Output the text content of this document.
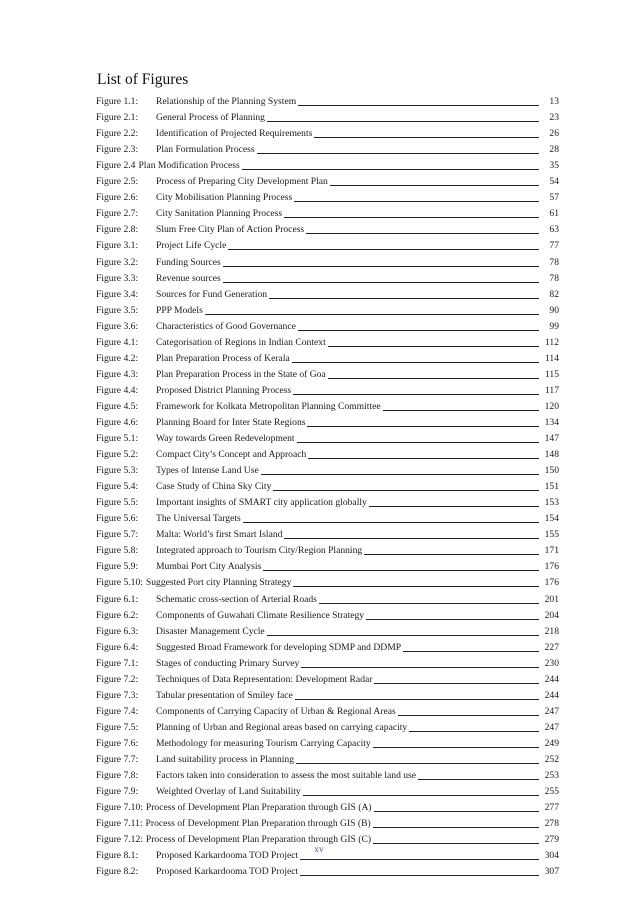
List of Figures
Figure 1.1:	Relationship of the Planning System	13
Figure 2.1:	General Process of Planning	23
Figure 2.2:	Identification of Projected Requirements	26
Figure 2.3:	Plan Formulation Process	28
Figure 2.4 Plan Modification Process	35
Figure 2.5:	Process of Preparing City Development Plan	54
Figure 2.6:	City Mobilisation Planning Process	57
Figure 2.7:	City Sanitation Planning Process	61
Figure 2.8:	Slum Free City Plan of Action Process	63
Figure 3.1:	Project Life Cycle	77
Figure 3.2:	Funding Sources	78
Figure 3.3:	Revenue sources	78
Figure 3.4:	Sources for Fund Generation	82
Figure 3.5:	PPP Models	90
Figure 3.6:	Characteristics of Good Governance	99
Figure 4.1:	Categorisation of Regions in Indian Context	112
Figure 4.2:	Plan Preparation Process of Kerala	114
Figure 4.3:	Plan Preparation Process in the State of Goa	115
Figure 4.4:	Proposed District Planning Process	117
Figure 4.5:	Framework for Kolkata Metropolitan Planning Committee	120
Figure 4.6:	Planning Board for Inter State Regions	134
Figure 5.1:	Way towards Green Redevelopment	147
Figure 5.2:	Compact City’s Concept and Approach	148
Figure 5.3:	Types of Intense Land Use	150
Figure 5.4:	Case Study of China Sky City	151
Figure 5.5:	Important insights of SMART city application globally	153
Figure 5.6:	The Universal Targets	154
Figure 5.7:	Malta: World’s first Smart Island	155
Figure 5.8:	Integrated approach to Tourism City/Region Planning	171
Figure 5.9:	Mumbai Port City Analysis	176
Figure 5.10: Suggested Port city Planning Strategy	176
Figure 6.1:	Schematic cross-section of Arterial Roads	201
Figure 6.2:	Components of Guwahati Climate Resilience Strategy	204
Figure 6.3:	Disaster Management Cycle	218
Figure 6.4:	Suggested Broad Framework for developing SDMP and DDMP	227
Figure 7.1:	Stages of conducting Primary Survey	230
Figure 7.2:	Techniques of Data Representation: Development Radar	244
Figure 7.3:	Tabular presentation of Smiley face	244
Figure 7.4:	Components of Carrying Capacity of Urban & Regional Areas	247
Figure 7.5:	Planning of Urban and Regional areas based on carrying capacity	247
Figure 7.6:	Methodology for measuring Tourism Carrying Capacity	249
Figure 7.7:	Land suitability process in Planning	252
Figure 7.8:	Factors taken into consideration to assess the most suitable land use	253
Figure 7.9:	Weighted Overlay of Land Suitability	255
Figure 7.10: Process of Development Plan Preparation through GIS (A)	277
Figure 7.11: Process of Development Plan Preparation through GIS (B)	278
Figure 7.12: Process of Development Plan Preparation through GIS (C)	279
Figure 8.1:	Proposed Karkardooma TOD Project	304
Figure 8.2:	Proposed Karkardooma TOD Project	307
xv
